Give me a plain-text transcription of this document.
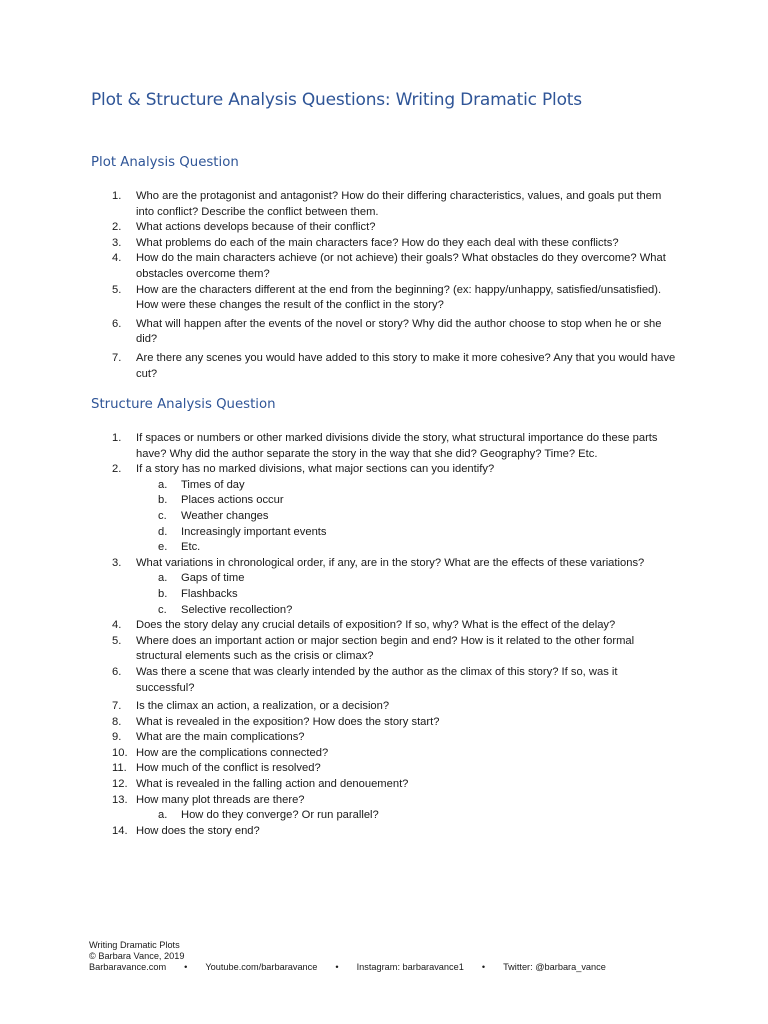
Plot & Structure Analysis Questions: Writing Dramatic Plots
Plot Analysis Question
1. Who are the protagonist and antagonist? How do their differing characteristics, values, and goals put them into conflict? Describe the conflict between them.
2. What actions develops because of their conflict?
3. What problems do each of the main characters face? How do they each deal with these conflicts?
4. How do the main characters achieve (or not achieve) their goals? What obstacles do they overcome? What obstacles overcome them?
5. How are the characters different at the end from the beginning? (ex: happy/unhappy, satisfied/unsatisfied). How were these changes the result of the conflict in the story?
6. What will happen after the events of the novel or story? Why did the author choose to stop when he or she did?
7. Are there any scenes you would have added to this story to make it more cohesive? Any that you would have cut?
Structure Analysis Question
1. If spaces or numbers or other marked divisions divide the story, what structural importance do these parts have? Why did the author separate the story in the way that she did? Geography? Time? Etc.
2. If a story has no marked divisions, what major sections can you identify?
a. Times of day
b. Places actions occur
c. Weather changes
d. Increasingly important events
e. Etc.
3. What variations in chronological order, if any, are in the story? What are the effects of these variations?
a. Gaps of time
b. Flashbacks
c. Selective recollection?
4. Does the story delay any crucial details of exposition? If so, why? What is the effect of the delay?
5. Where does an important action or major section begin and end? How is it related to the other formal structural elements such as the crisis or climax?
6. Was there a scene that was clearly intended by the author as the climax of this story? If so, was it successful?
7. Is the climax an action, a realization, or a decision?
8. What is revealed in the exposition? How does the story start?
9. What are the main complications?
10. How are the complications connected?
11. How much of the conflict is resolved?
12. What is revealed in the falling action and denouement?
13. How many plot threads are there?
a. How do they converge? Or run parallel?
14. How does the story end?
Writing Dramatic Plots
© Barbara Vance, 2019
Barbaravance.com • Youtube.com/barbaravance • Instagram: barbaravance1 • Twitter: @barbara_vance
